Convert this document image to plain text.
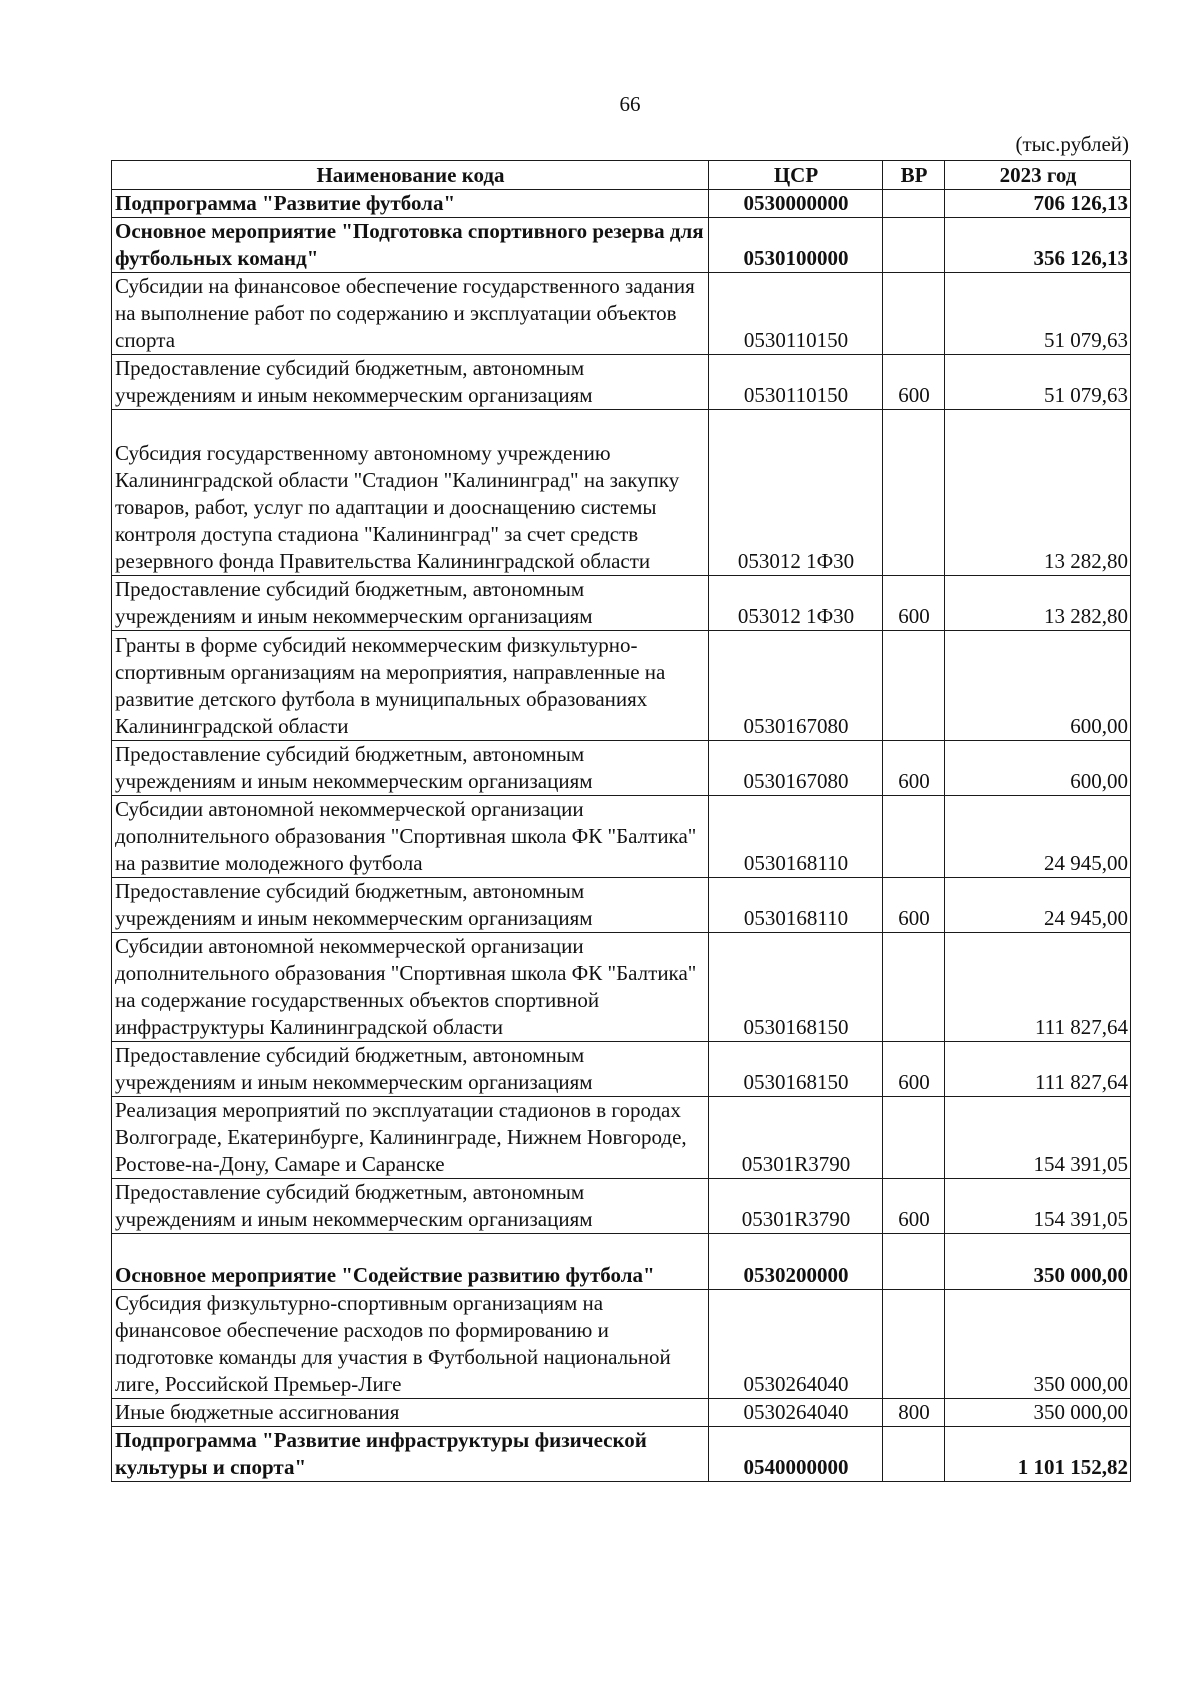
66
(тыс.рублей)
Наименование кода	ЦСР	ВР	2023 год
Подпрограмма "Развитие футбола"	0530000000		706 126,13
Основное мероприятие "Подготовка спортивного резерва для футбольных команд"	0530100000		356 126,13
Субсидии на финансовое обеспечение государственного задания на выполнение работ по содержанию и эксплуатации объектов спорта	0530110150		51 079,63
Предоставление субсидий бюджетным, автономным учреждениям и иным некоммерческим организациям	0530110150	600	51 079,63
Субсидия государственному автономному учреждению Калининградской области "Стадион "Калининград" на закупку товаров, работ, услуг по адаптации и дооснащению системы контроля доступа стадиона "Калининград" за счет средств резервного фонда Правительства Калининградской области	053012 1Ф30		13 282,80
Предоставление субсидий бюджетным, автономным учреждениям и иным некоммерческим организациям	053012 1Ф30	600	13 282,80
Гранты в форме субсидий некоммерческим физкультурно-спортивным организациям на мероприятия, направленные на развитие детского футбола в муниципальных образованиях Калининградской области	0530167080		600,00
Предоставление субсидий бюджетным, автономным учреждениям и иным некоммерческим организациям	0530167080	600	600,00
Субсидии автономной некоммерческой организации дополнительного образования "Спортивная школа ФК "Балтика" на развитие молодежного футбола	0530168110		24 945,00
Предоставление субсидий бюджетным, автономным учреждениям и иным некоммерческим организациям	0530168110	600	24 945,00
Субсидии автономной некоммерческой организации дополнительного образования "Спортивная школа ФК "Балтика" на содержание государственных объектов спортивной инфраструктуры Калининградской области	0530168150		111 827,64
Предоставление субсидий бюджетным, автономным учреждениям и иным некоммерческим организациям	0530168150	600	111 827,64
Реализация мероприятий по эксплуатации стадионов в городах Волгограде, Екатеринбурге, Калининграде, Нижнем Новгороде, Ростове-на-Дону, Самаре и Саранске	05301R3790		154 391,05
Предоставление субсидий бюджетным, автономным учреждениям и иным некоммерческим организациям	05301R3790	600	154 391,05
Основное мероприятие "Содействие развитию футбола"	0530200000		350 000,00
Субсидия физкультурно-спортивным организациям на финансовое обеспечение расходов по формированию и подготовке команды для участия в Футбольной национальной лиге, Российской Премьер-Лиге	0530264040		350 000,00
Иные бюджетные ассигнования	0530264040	800	350 000,00
Подпрограмма "Развитие инфраструктуры физической культуры и спорта"	0540000000		1 101 152,82
